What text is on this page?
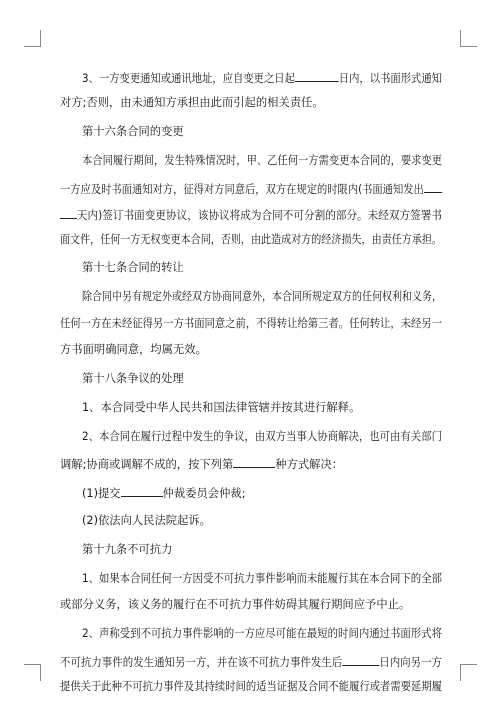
3、一方变更通知或通讯地址，应自变更之日起	日内，以书面形式通知
对方;否则，由未通知方承担由此而引起的相关责任。
第十六条合同的变更
本合同履行期间，发生特殊情况时，甲、乙任何一方需变更本合同的，要求变更
一方应及时书面通知对方，征得对方同意后，双方在规定的时限内(书面通知发出
天内)签订书面变更协议，该协议将成为合同不可分割的部分。未经双方签署书
面文件，任何一方无权变更本合同，否则，由此造成对方的经济损失，由责任方承担。
第十七条合同的转让
除合同中另有规定外或经双方协商同意外，本合同所规定双方的任何权利和义务，
任何一方在未经征得另一方书面同意之前，不得转让给第三者。任何转让，未经另一
方书面明确同意，均属无效。
第十八条争议的处理
1、本合同受中华人民共和国法律管辖并按其进行解释。
2、本合同在履行过程中发生的争议，由双方当事人协商解决，也可由有关部门
调解;协商或调解不成的，按下列第	种方式解决：
(1)提交	仲裁委员会仲裁;
(2)依法向人民法院起诉。
第十九条不可抗力
1、如果本合同任何一方因受不可抗力事件影响而未能履行其在本合同下的全部
或部分义务，该义务的履行在不可抗力事件妨碍其履行期间应予中止。
2、声称受到不可抗力事件影响的一方应尽可能在最短的时间内通过书面形式将
不可抗力事件的发生通知另一方，并在该不可抗力事件发生后	日内向另一方
提供关于此种不可抗力事件及其持续时间的适当证据及合同不能履行或者需要延期履
